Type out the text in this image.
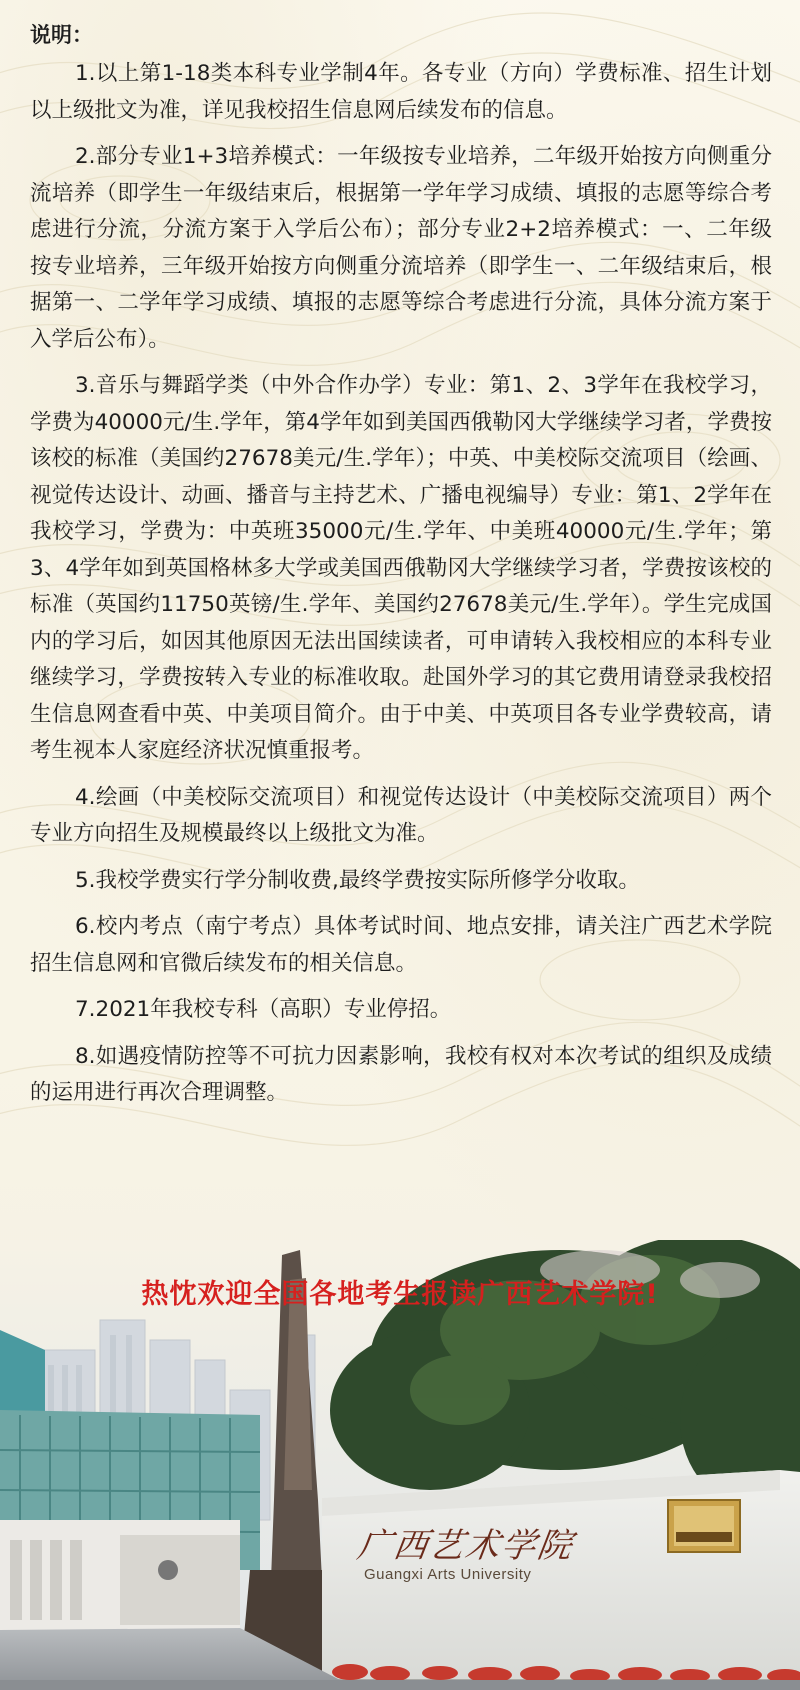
说明：

1.以上第1-18类本科专业学制4年。各专业（方向）学费标准、招生计划以上级批文为准，详见我校招生信息网后续发布的信息。

2.部分专业1+3培养模式：一年级按专业培养，二年级开始按方向侧重分流培养（即学生一年级结束后，根据第一学年学习成绩、填报的志愿等综合考虑进行分流，分流方案于入学后公布）；部分专业2+2培养模式：一、二年级按专业培养，三年级开始按方向侧重分流培养（即学生一、二年级结束后，根据第一、二学年学习成绩、填报的志愿等综合考虑进行分流，具体分流方案于入学后公布）。

3.音乐与舞蹈学类（中外合作办学）专业：第1、2、3学年在我校学习，学费为40000元/生.学年，第4学年如到美国西俄勒冈大学继续学习者，学费按该校的标准（美国约27678美元/生.学年）；中英、中美校际交流项目（绘画、视觉传达设计、动画、播音与主持艺术、广播电视编导）专业：第1、2学年在我校学习，学费为：中英班35000元/生.学年、中美班40000元/生.学年；第3、4学年如到英国格林多大学或美国西俄勒冈大学继续学习者，学费按该校的标准（英国约11750英镑/生.学年、美国约27678美元/生.学年）。学生完成国内的学习后，如因其他原因无法出国续读者，可申请转入我校相应的本科专业继续学习，学费按转入专业的标准收取。赴国外学习的其它费用请登录我校招生信息网查看中英、中美项目简介。由于中美、中英项目各专业学费较高，请考生视本人家庭经济状况慎重报考。

4.绘画（中美校际交流项目）和视觉传达设计（中美校际交流项目）两个专业方向招生及规模最终以上级批文为准。

5.我校学费实行学分制收费,最终学费按实际所修学分收取。

6.校内考点（南宁考点）具体考试时间、地点安排，请关注广西艺术学院招生信息网和官微后续发布的相关信息。

7.2021年我校专科（高职）专业停招。

8.如遇疫情防控等不可抗力因素影响，我校有权对本次考试的组织及成绩的运用进行再次合理调整。

热忱欢迎全国各地考生报读广西艺术学院!
广西艺术学院
Guangxi Arts University
